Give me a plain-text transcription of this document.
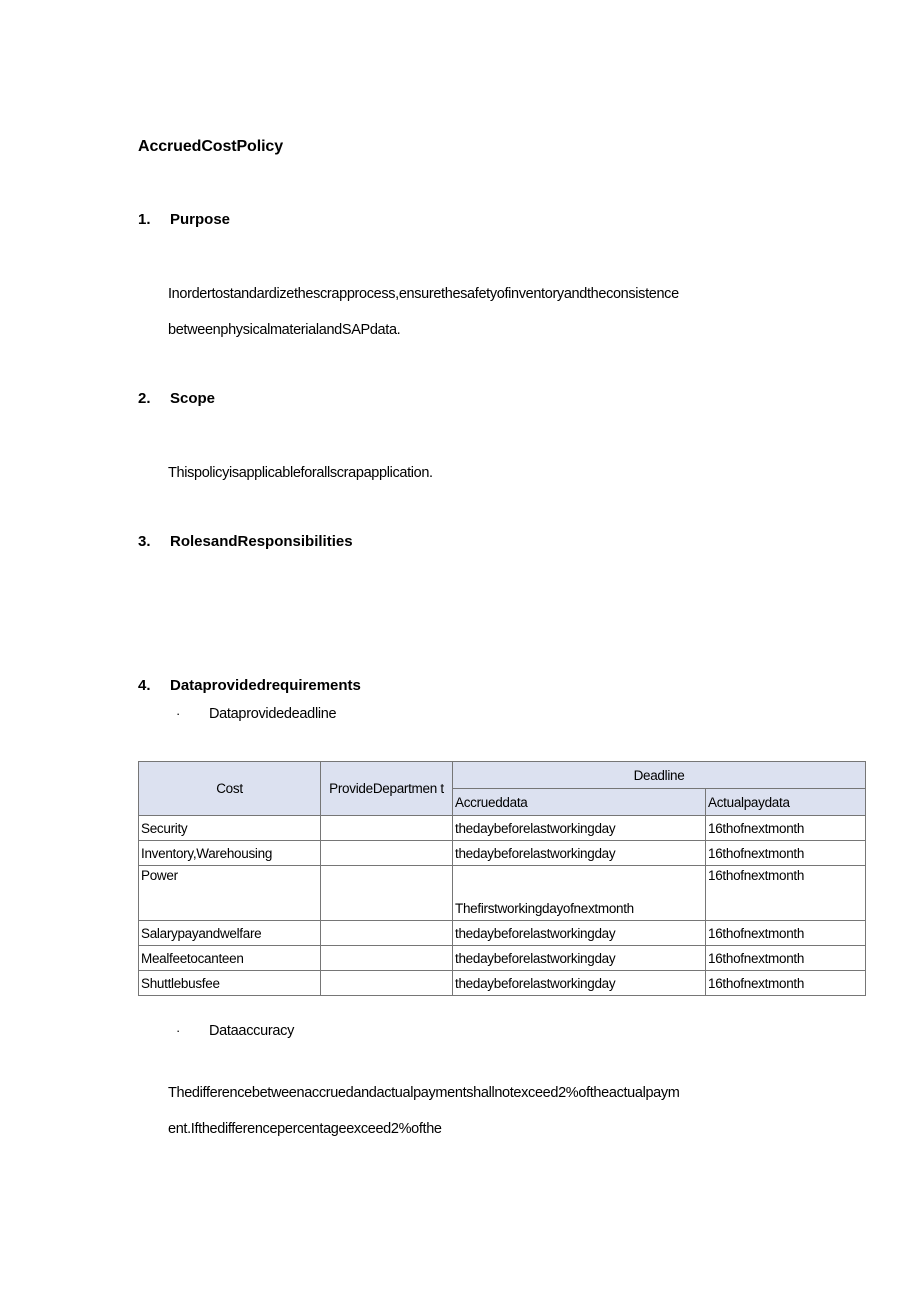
AccruedCostPolicy
1. Purpose
Inordertostandardizethescrapprocess,ensurethesafetyofinventoryandtheconsistence
betweenphysicalmaterialandSAPdata.
2. Scope
Thispolicyisapplicableforallscrapapplication.
3. RolesandResponsibilities
4. Dataprovidedrequirements
· Dataprovidedeadline
Cost	ProvideDepartmen t	Deadline	
		Accrueddata	Actualpaydata
Security		thedaybeforelastworkingday	16thofnextmonth
Inventory,Warehousing		thedaybeforelastworkingday	16thofnextmonth
Power		Thefirstworkingdayofnextmonth	16thofnextmonth
Salarypayandwelfare		thedaybeforelastworkingday	16thofnextmonth
Mealfeetocanteen		thedaybeforelastworkingday	16thofnextmonth
Shuttlebusfee		thedaybeforelastworkingday	16thofnextmonth
· Dataaccuracy
Thedifferencebetweenaccruedandactualpaymentshallnotexceed2%oftheactualpaym
ent.Ifthedifferencepercentageexceed2%ofthe
